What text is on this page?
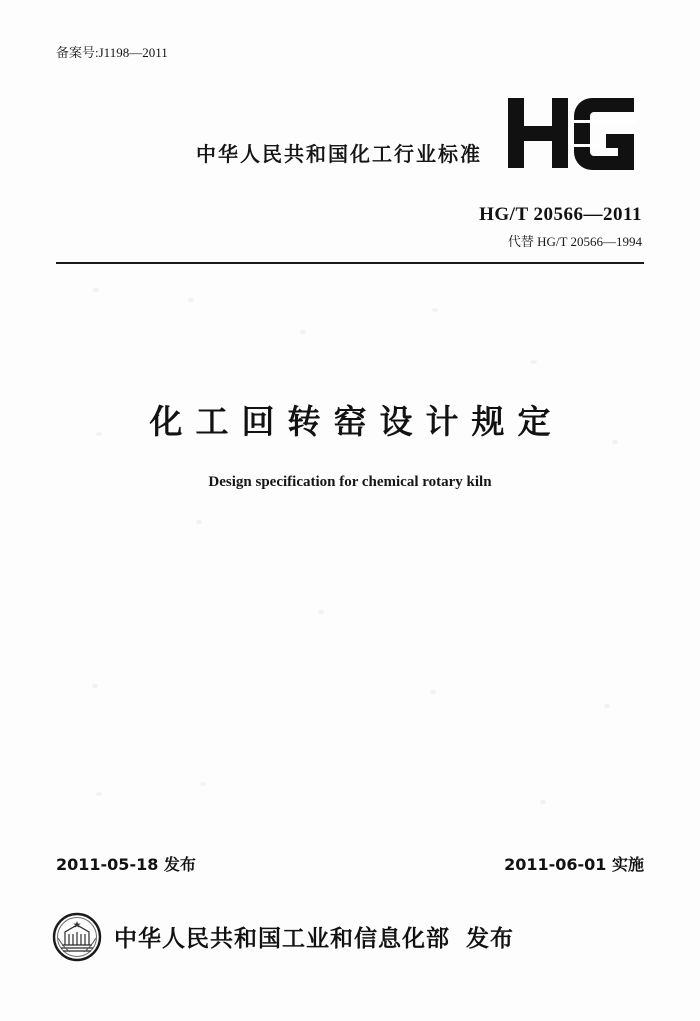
备案号:J1198—2011
中华人民共和国化工行业标准
HG/T 20566—2011
代替 HG/T 20566—1994
化工回转窑设计规定
Design specification for chemical rotary kiln
2011-05-18 发布	2011-06-01 实施
中华人民共和国工业和信息化部 发布
